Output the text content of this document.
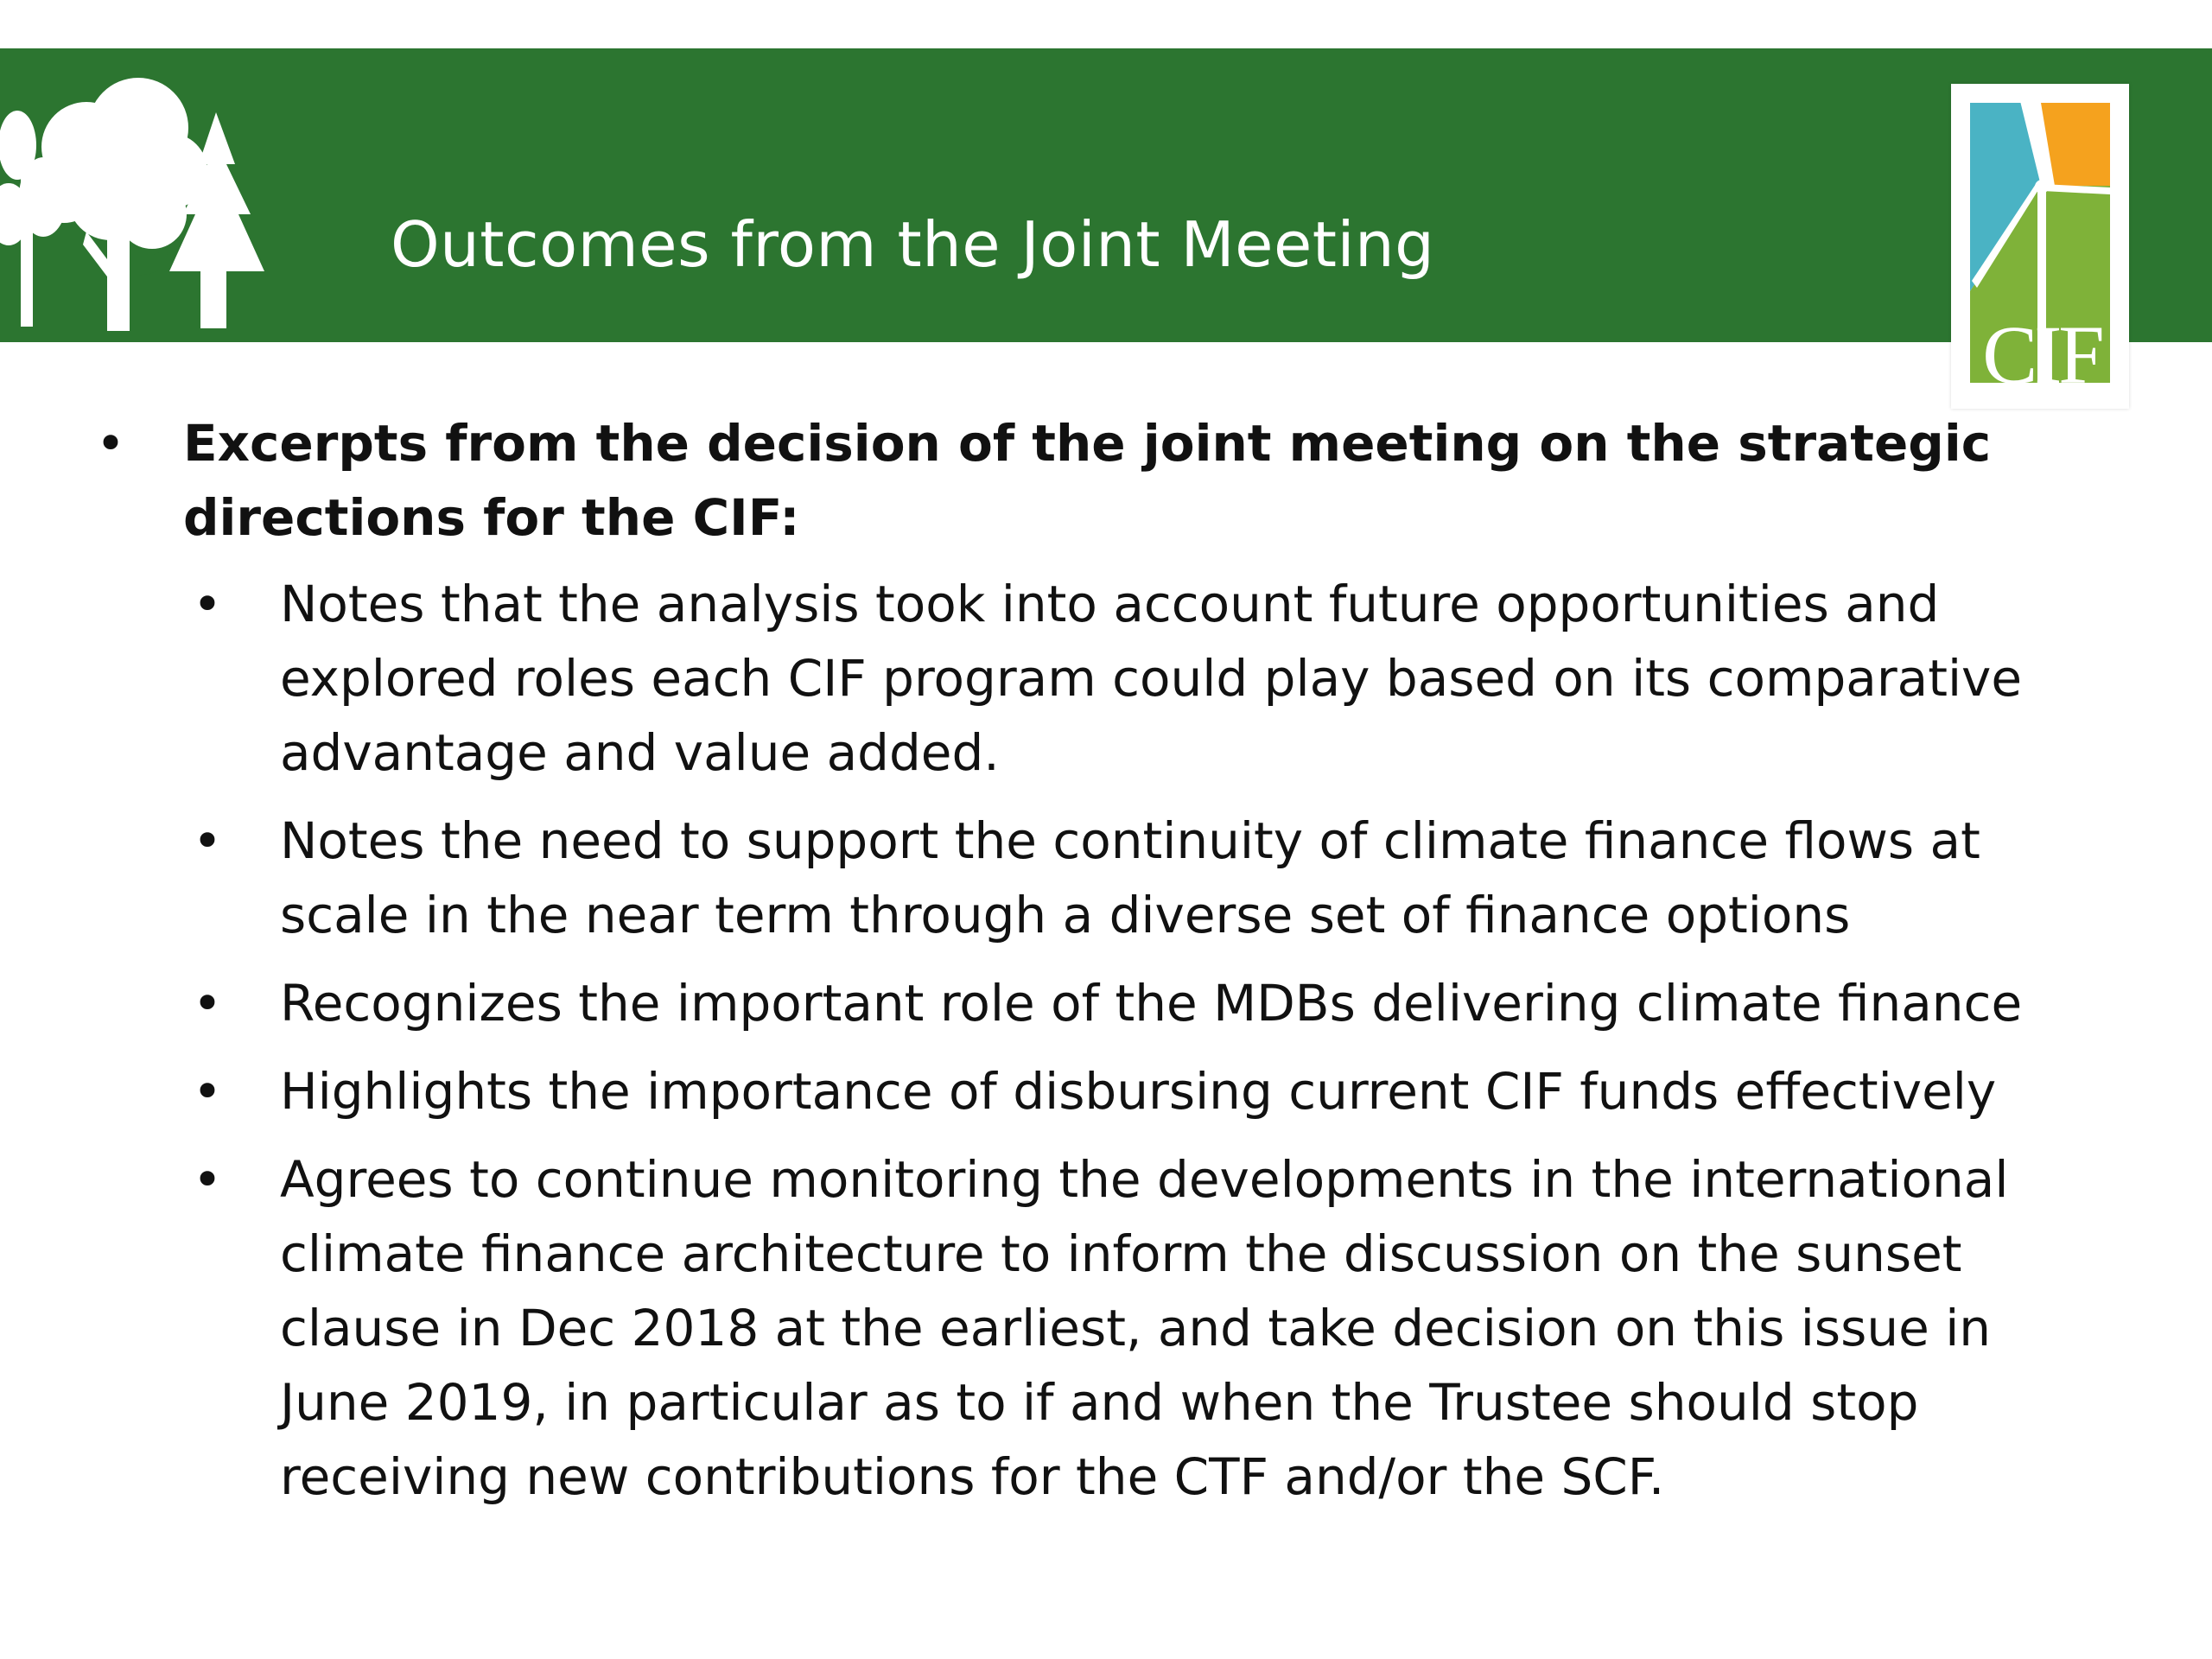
Outcomes from the Joint Meeting
CIF
• Excerpts from the decision of the joint meeting on the strategic directions for the CIF:
• Notes that the analysis took into account future opportunities and explored roles each CIF program could play based on its comparative advantage and value added.
• Notes the need to support the continuity of climate finance flows at scale in the near term through a diverse set of finance options
• Recognizes the important role of the MDBs delivering climate finance
• Highlights the importance of disbursing current CIF funds effectively
• Agrees to continue monitoring the developments in the international climate finance architecture to inform the discussion on the sunset clause in Dec 2018 at the earliest, and take decision on this issue in June 2019, in particular as to if and when the Trustee should stop receiving new contributions for the CTF and/or the SCF.
